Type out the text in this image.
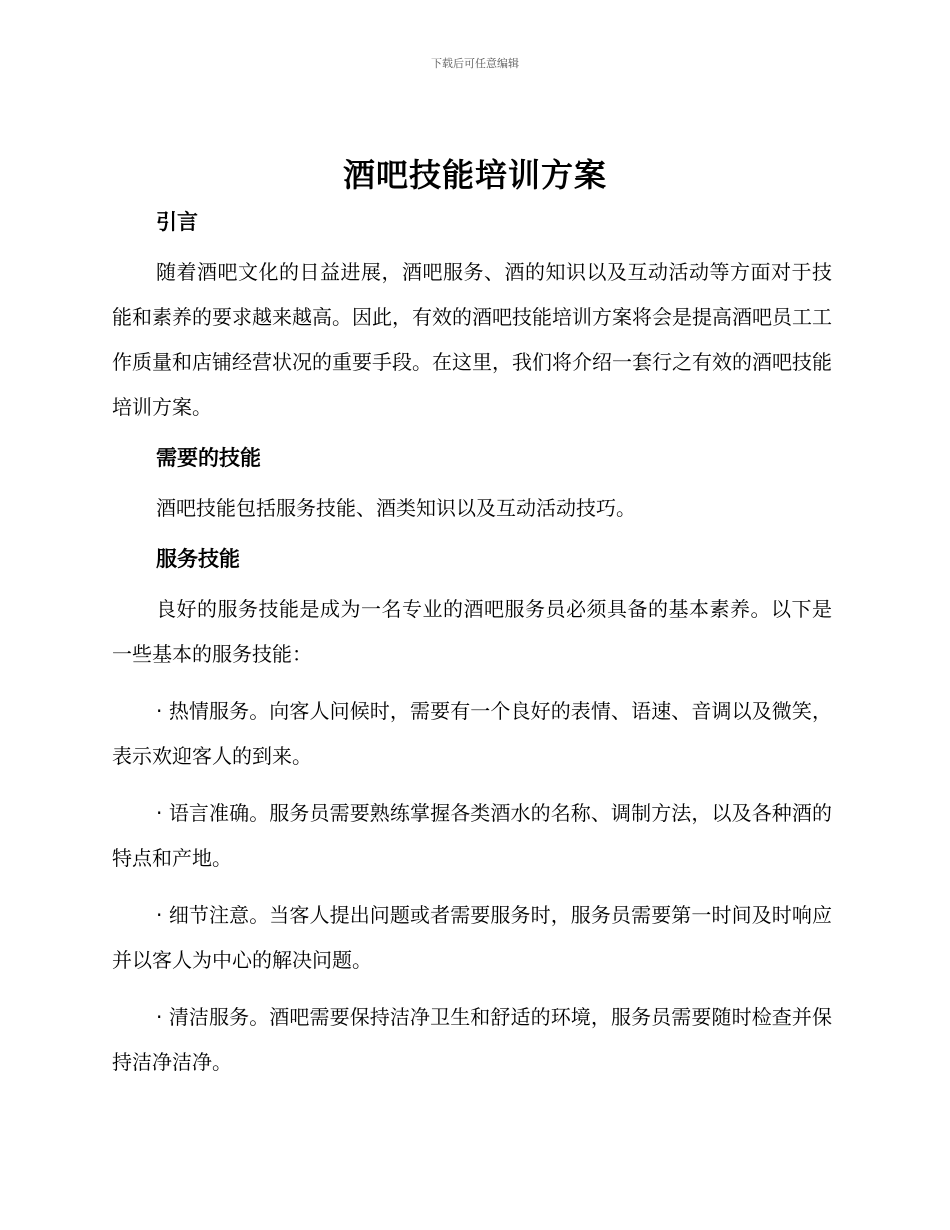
下载后可任意编辑
酒吧技能培训方案

引言

随着酒吧文化的日益进展，酒吧服务、酒的知识以及互动活动等方面对于技能和素养的要求越来越高。因此，有效的酒吧技能培训方案将会是提高酒吧员工工作质量和店铺经营状况的重要手段。在这里，我们将介绍一套行之有效的酒吧技能培训方案。

需要的技能

酒吧技能包括服务技能、酒类知识以及互动活动技巧。

服务技能

良好的服务技能是成为一名专业的酒吧服务员必须具备的基本素养。以下是一些基本的服务技能：

· 热情服务。向客人问候时，需要有一个良好的表情、语速、音调以及微笑，表示欢迎客人的到来。

· 语言准确。服务员需要熟练掌握各类酒水的名称、调制方法，以及各种酒的特点和产地。

· 细节注意。当客人提出问题或者需要服务时，服务员需要第一时间及时响应并以客人为中心的解决问题。

· 清洁服务。酒吧需要保持洁净卫生和舒适的环境，服务员需要随时检查并保持洁净洁净。
